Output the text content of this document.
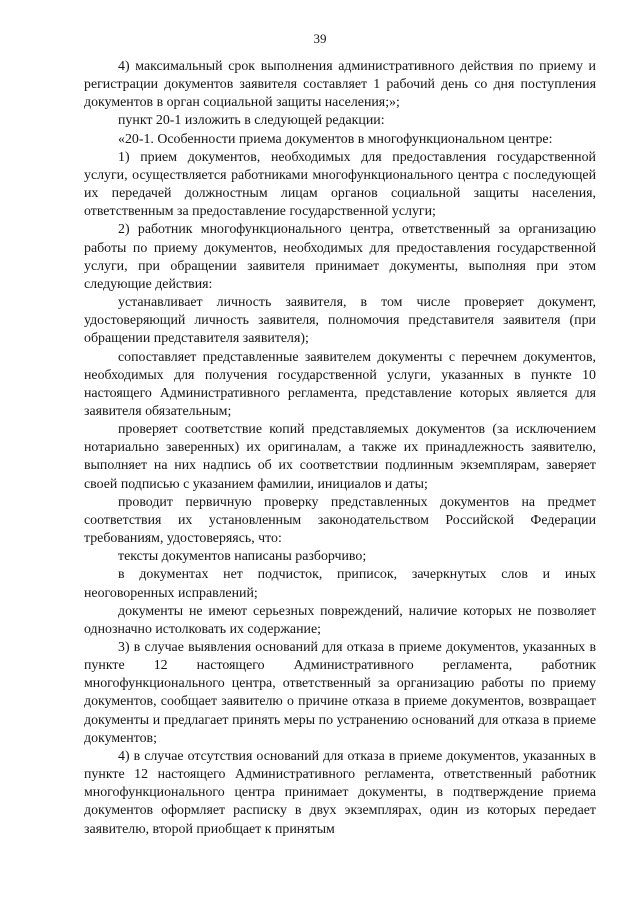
39

4) максимальный срок выполнения административного действия по приему и регистрации документов заявителя составляет 1 рабочий день со дня поступления документов в орган социальной защиты населения;»;

пункт 20-1 изложить в следующей редакции:

«20-1. Особенности приема документов в многофункциональном центре:

1) прием документов, необходимых для предоставления государственной услуги, осуществляется работниками многофункционального центра с последующей их передачей должностным лицам органов социальной защиты населения, ответственным за предоставление государственной услуги;

2) работник многофункционального центра, ответственный за организацию работы по приему документов, необходимых для предоставления государственной услуги, при обращении заявителя принимает документы, выполняя при этом следующие действия:

устанавливает личность заявителя, в том числе проверяет документ, удостоверяющий личность заявителя, полномочия представителя заявителя (при обращении представителя заявителя);

сопоставляет представленные заявителем документы с перечнем документов, необходимых для получения государственной услуги, указанных в пункте 10 настоящего Административного регламента, представление которых является для заявителя обязательным;

проверяет соответствие копий представляемых документов (за исключением нотариально заверенных) их оригиналам, а также их принадлежность заявителю, выполняет на них надпись об их соответствии подлинным экземплярам, заверяет своей подписью с указанием фамилии, инициалов и даты;

проводит первичную проверку представленных документов на предмет соответствия их установленным законодательством Российской Федерации требованиям, удостоверяясь, что:

тексты документов написаны разборчиво;

в документах нет подчисток, приписок, зачеркнутых слов и иных неоговоренных исправлений;

документы не имеют серьезных повреждений, наличие которых не позволяет однозначно истолковать их содержание;

3) в случае выявления оснований для отказа в приеме документов, указанных в пункте 12 настоящего Административного регламента, работник многофункционального центра, ответственный за организацию работы по приему документов, сообщает заявителю о причине отказа в приеме документов, возвращает документы и предлагает принять меры по устранению оснований для отказа в приеме документов;

4) в случае отсутствия оснований для отказа в приеме документов, указанных в пункте 12 настоящего Административного регламента, ответственный работник многофункционального центра принимает документы, в подтверждение приема документов оформляет расписку в двух экземплярах, один из которых передает заявителю, второй приобщает к принятым
